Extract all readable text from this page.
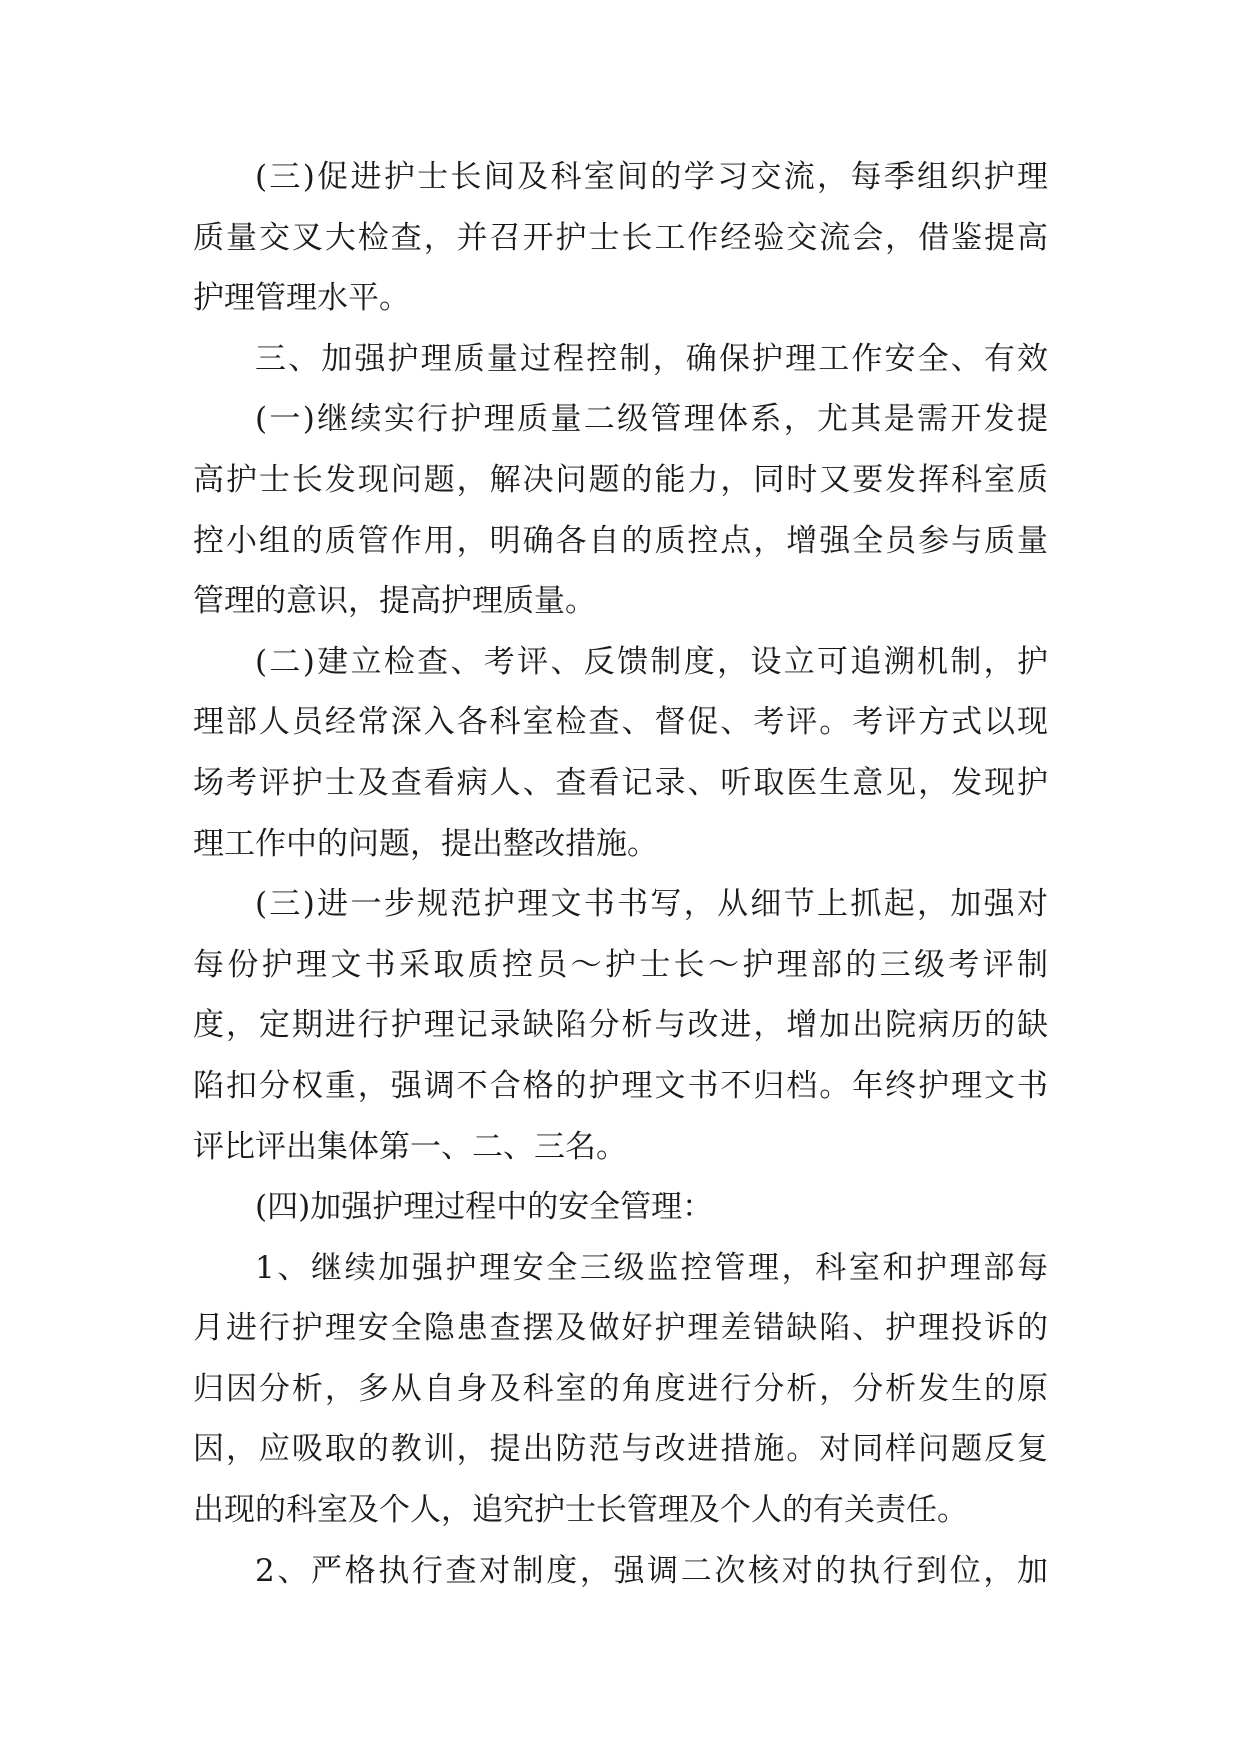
(三)促进护士长间及科室间的学习交流，每季组织护理
质量交叉大检查，并召开护士长工作经验交流会，借鉴提高
护理管理水平。
三、加强护理质量过程控制，确保护理工作安全、有效
(一)继续实行护理质量二级管理体系，尤其是需开发提
高护士长发现问题，解决问题的能力，同时又要发挥科室质
控小组的质管作用，明确各自的质控点，增强全员参与质量
管理的意识，提高护理质量。
(二)建立检查、考评、反馈制度，设立可追溯机制，护
理部人员经常深入各科室检查、督促、考评。考评方式以现
场考评护士及查看病人、查看记录、听取医生意见，发现护
理工作中的问题，提出整改措施。
(三)进一步规范护理文书书写，从细节上抓起，加强对
每份护理文书采取质控员～护士长～护理部的三级考评制
度，定期进行护理记录缺陷分析与改进，增加出院病历的缺
陷扣分权重，强调不合格的护理文书不归档。年终护理文书
评比评出集体第一、二、三名。
(四)加强护理过程中的安全管理：
1、继续加强护理安全三级监控管理，科室和护理部每
月进行护理安全隐患查摆及做好护理差错缺陷、护理投诉的
归因分析，多从自身及科室的角度进行分析，分析发生的原
因，应吸取的教训，提出防范与改进措施。对同样问题反复
出现的科室及个人，追究护士长管理及个人的有关责任。
2、严格执行查对制度，强调二次核对的执行到位，加
